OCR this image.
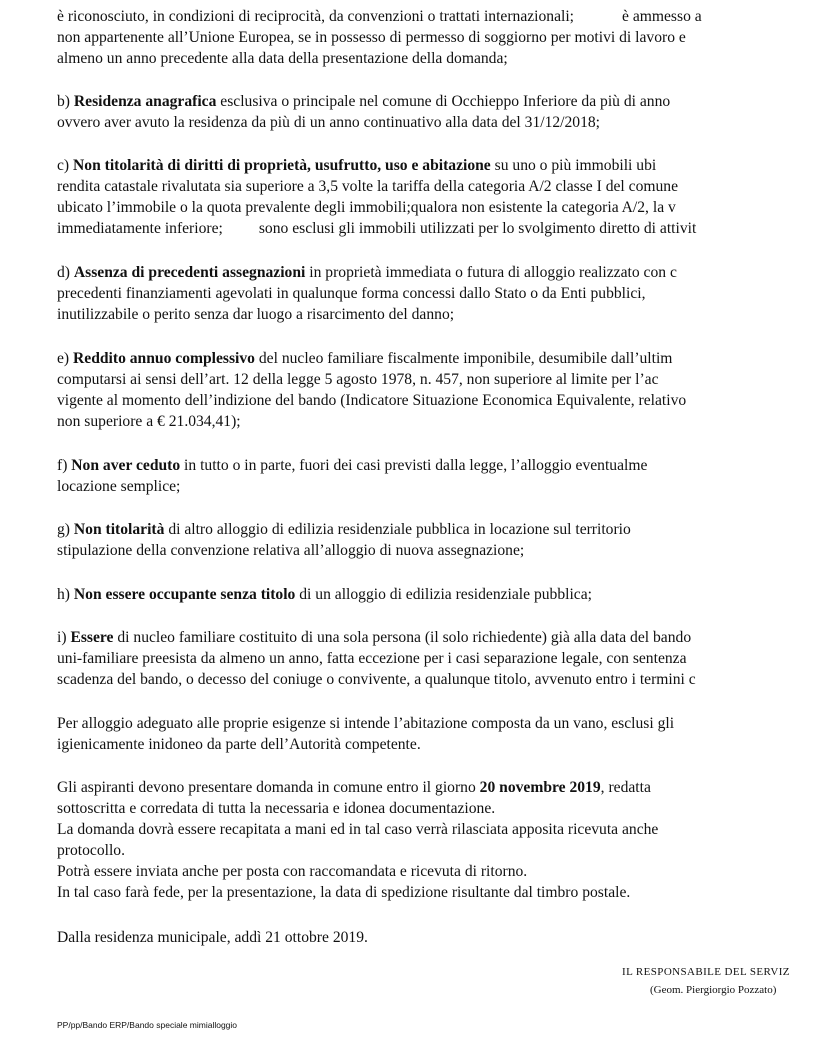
è riconosciuto, in condizioni di reciprocità, da convenzioni o trattati internazionali;	è ammesso a
non appartenente all’Unione Europea, se in possesso di permesso di soggiorno per motivi di lavoro e
almeno un anno precedente alla data della presentazione della domanda;
b) Residenza anagrafica esclusiva o principale nel comune di Occhieppo Inferiore da più di anno
ovvero aver avuto la residenza da più di un anno continuativo alla data del 31/12/2018;
c) Non titolarità di diritti di proprietà, usufrutto, uso e abitazione su uno o più immobili ubi
rendita catastale rivalutata sia superiore a 3,5 volte la tariffa della categoria A/2 classe I del comune
ubicato l’immobile o la quota prevalente degli immobili;qualora non esistente la categoria A/2, la v
immediatamente inferiore; sono esclusi gli immobili utilizzati per lo svolgimento diretto di attivit
d) Assenza di precedenti assegnazioni in proprietà immediata o futura di alloggio realizzato con c
precedenti finanziamenti agevolati in qualunque forma concessi dallo Stato o da Enti pubblici,
inutilizzabile o perito senza dar luogo a risarcimento del danno;
e) Reddito annuo complessivo del nucleo familiare fiscalmente imponibile, desumibile dall’ultim
computarsi ai sensi dell’art. 12 della legge 5 agosto 1978, n. 457, non superiore al limite per l’ac
vigente al momento dell’indizione del bando (Indicatore Situazione Economica Equivalente, relativo
non superiore a € 21.034,41);
f) Non aver ceduto in tutto o in parte, fuori dei casi previsti dalla legge, l’alloggio eventualme
locazione semplice;
g) Non titolarità di altro alloggio di edilizia residenziale pubblica in locazione sul territorio
stipulazione della convenzione relativa all’alloggio di nuova assegnazione;
h) Non essere occupante senza titolo di un alloggio di edilizia residenziale pubblica;
i) Essere di nucleo familiare costituito di una sola persona (il solo richiedente) già alla data del bando
uni-familiare preesista da almeno un anno, fatta eccezione per i casi separazione legale, con sentenza
scadenza del bando, o decesso del coniuge o convivente, a qualunque titolo, avvenuto entro i termini c
Per alloggio adeguato alle proprie esigenze si intende l’abitazione composta da un vano, esclusi gli
igienicamente inidoneo da parte dell’Autorità competente.
Gli aspiranti devono presentare domanda in comune entro il giorno 20 novembre 2019, redatta
sottoscritta e corredata di tutta la necessaria e idonea documentazione.
La domanda dovrà essere recapitata a mani ed in tal caso verrà rilasciata apposita ricevuta anche
protocollo.
Potrà essere inviata anche per posta con raccomandata e ricevuta di ritorno.
In tal caso farà fede, per la presentazione, la data di spedizione risultante dal timbro postale.
Dalla residenza municipale, addì 21 ottobre 2019.
IL RESPONSABILE DEL SERVIZ
(Geom. Piergiorgio Pozzato)
PP/pp/Bando ERP/Bando speciale mimialloggio
